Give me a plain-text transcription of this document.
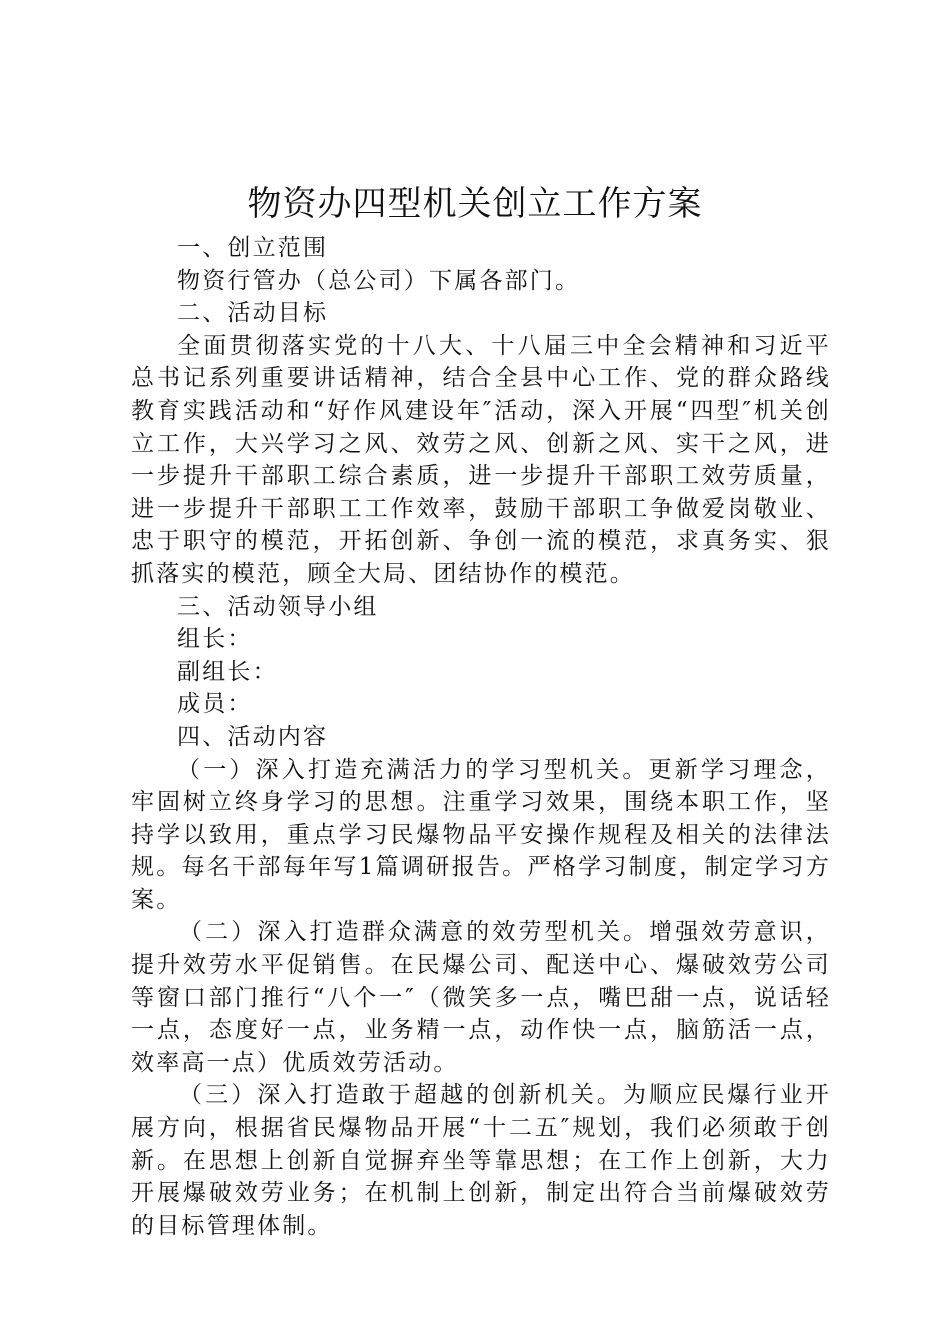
物资办四型机关创立工作方案

一、创立范围

物资行管办（总公司）下属各部门。

二、活动目标

全面贯彻落实党的十八大、十八届三中全会精神和习近平总书记系列重要讲话精神，结合全县中心工作、党的群众路线教育实践活动和“好作风建设年″活动，深入开展“四型″机关创立工作，大兴学习之风、效劳之风、创新之风、实干之风，进一步提升干部职工综合素质，进一步提升干部职工效劳质量，进一步提升干部职工工作效率，鼓励干部职工争做爱岗敬业、忠于职守的模范，开拓创新、争创一流的模范，求真务实、狠抓落实的模范，顾全大局、团结协作的模范。

三、活动领导小组

组长：

副组长：

成员：

四、活动内容

（一）深入打造充满活力的学习型机关。更新学习理念，牢固树立终身学习的思想。注重学习效果，围绕本职工作，坚持学以致用，重点学习民爆物品平安操作规程及相关的法律法规。每名干部每年写1篇调研报告。严格学习制度，制定学习方案。

（二）深入打造群众满意的效劳型机关。增强效劳意识，提升效劳水平促销售。在民爆公司、配送中心、爆破效劳公司等窗口部门推行“八个一″（微笑多一点，嘴巴甜一点，说话轻一点，态度好一点，业务精一点，动作快一点，脑筋活一点，效率高一点）优质效劳活动。

（三）深入打造敢于超越的创新机关。为顺应民爆行业开展方向，根据省民爆物品开展“十二五″规划，我们必须敢于创新。在思想上创新自觉摒弃坐等靠思想；在工作上创新，大力开展爆破效劳业务；在机制上创新，制定出符合当前爆破效劳的目标管理体制。
